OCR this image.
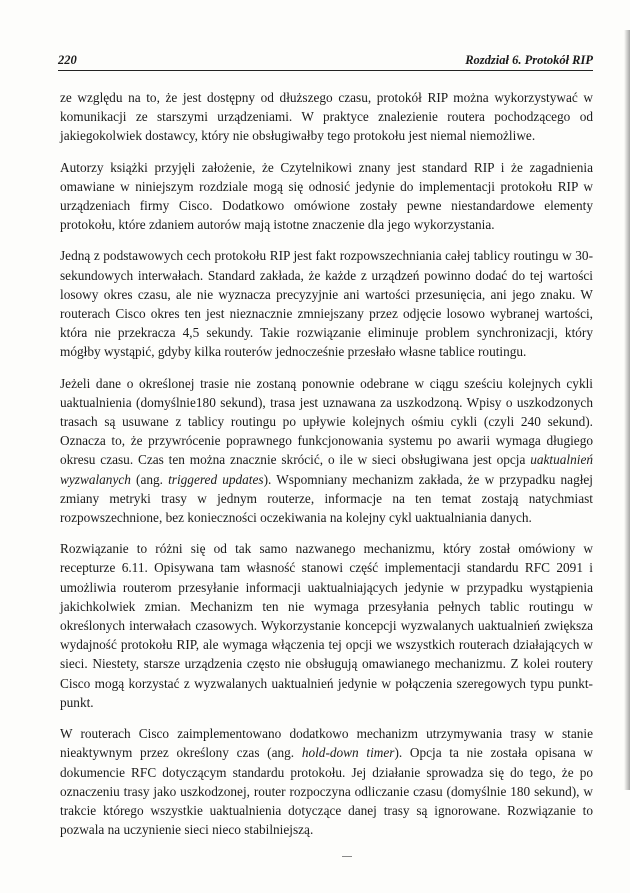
220	Rozdział 6. Protokół RIP

ze względu na to, że jest dostępny od dłuższego czasu, protokół RIP można wykorzystywać w komunikacji ze starszymi urządzeniami. W praktyce znalezienie routera pochodzącego od jakiegokolwiek dostawcy, który nie obsługiwałby tego protokołu jest niemal niemożliwe.

Autorzy książki przyjęli założenie, że Czytelnikowi znany jest standard RIP i że zagadnienia omawiane w niniejszym rozdziale mogą się odnosić jedynie do implementacji protokołu RIP w urządzeniach firmy Cisco. Dodatkowo omówione zostały pewne niestandardowe elementy protokołu, które zdaniem autorów mają istotne znaczenie dla jego wykorzystania.

Jedną z podstawowych cech protokołu RIP jest fakt rozpowszechniania całej tablicy routingu w 30-sekundowych interwałach. Standard zakłada, że każde z urządzeń powinno dodać do tej wartości losowy okres czasu, ale nie wyznacza precyzyjnie ani wartości przesunięcia, ani jego znaku. W routerach Cisco okres ten jest nieznacznie zmniejszany przez odjęcie losowo wybranej wartości, która nie przekracza 4,5 sekundy. Takie rozwiązanie eliminuje problem synchronizacji, który mógłby wystąpić, gdyby kilka routerów jednocześnie przesłało własne tablice routingu.

Jeżeli dane o określonej trasie nie zostaną ponownie odebrane w ciągu sześciu kolejnych cykli uaktualnienia (domyślnie180 sekund), trasa jest uznawana za uszkodzoną. Wpisy o uszkodzonych trasach są usuwane z tablicy routingu po upływie kolejnych ośmiu cykli (czyli 240 sekund). Oznacza to, że przywrócenie poprawnego funkcjonowania systemu po awarii wymaga długiego okresu czasu. Czas ten można znacznie skrócić, o ile w sieci obsługiwana jest opcja uaktualnień wyzwalanych (ang. triggered updates). Wspomniany mechanizm zakłada, że w przypadku nagłej zmiany metryki trasy w jednym routerze, informacje na ten temat zostają natychmiast rozpowszechnione, bez konieczności oczekiwania na kolejny cykl uaktualniania danych.

Rozwiązanie to różni się od tak samo nazwanego mechanizmu, który został omówiony w recepturze 6.11. Opisywana tam własność stanowi część implementacji standardu RFC 2091 i umożliwia routerom przesyłanie informacji uaktualniających jedynie w przypadku wystąpienia jakichkolwiek zmian. Mechanizm ten nie wymaga przesyłania pełnych tablic routingu w określonych interwałach czasowych. Wykorzystanie koncepcji wyzwalanych uaktualnień zwiększa wydajność protokołu RIP, ale wymaga włączenia tej opcji we wszystkich routerach działających w sieci. Niestety, starsze urządzenia często nie obsługują omawianego mechanizmu. Z kolei routery Cisco mogą korzystać z wyzwalanych uaktualnień jedynie w połączenia szeregowych typu punkt-punkt.

W routerach Cisco zaimplementowano dodatkowo mechanizm utrzymywania trasy w stanie nieaktywnym przez określony czas (ang. hold-down timer). Opcja ta nie została opisana w dokumencie RFC dotyczącym standardu protokołu. Jej działanie sprowadza się do tego, że po oznaczeniu trasy jako uszkodzonej, router rozpoczyna odliczanie czasu (domyślnie 180 sekund), w trakcie którego wszystkie uaktualnienia dotyczące danej trasy są ignorowane. Rozwiązanie to pozwala na uczynienie sieci nieco stabilniejszą.
